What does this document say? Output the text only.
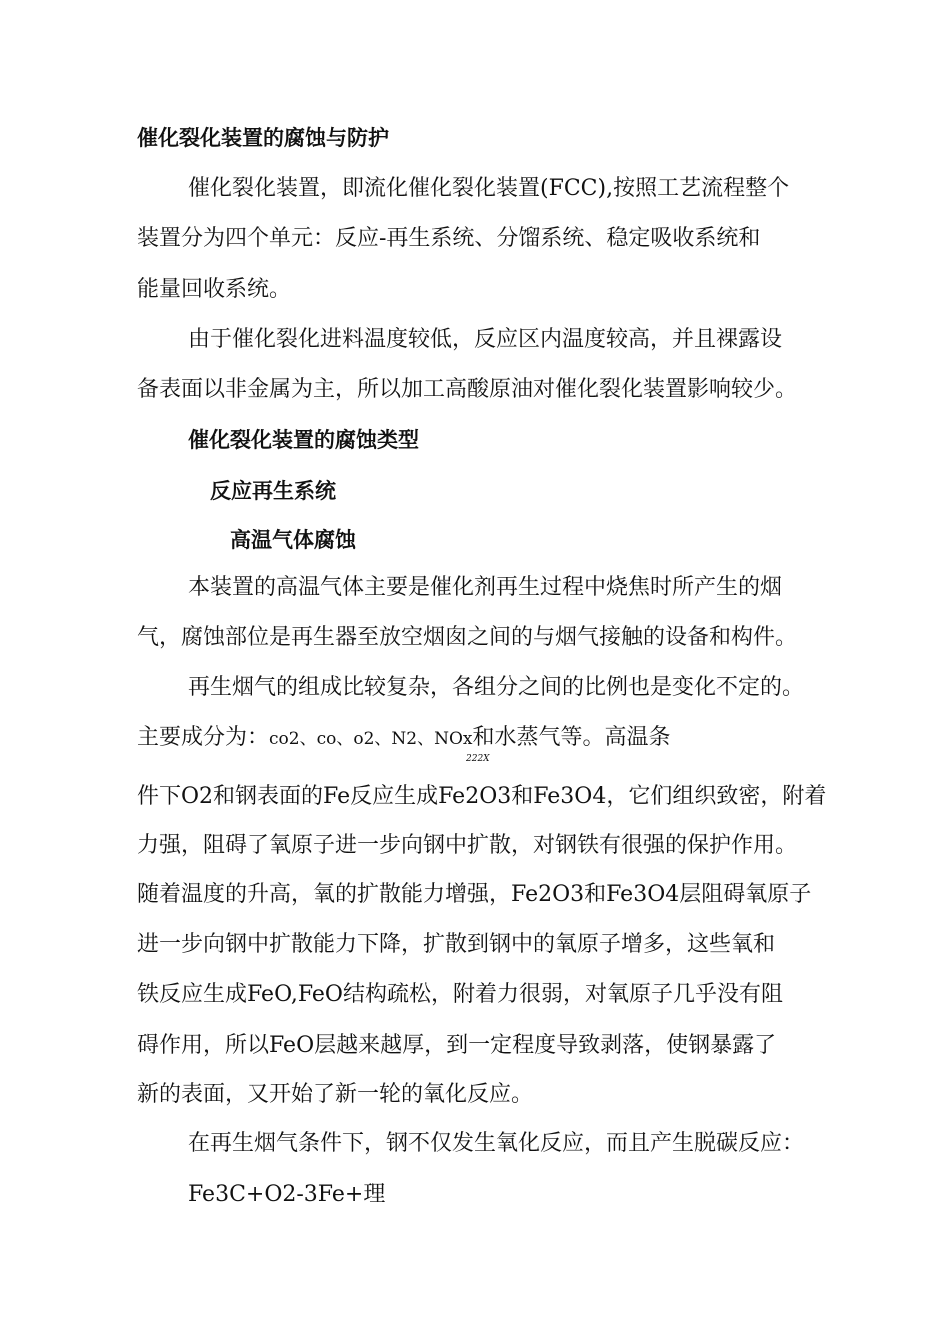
催化裂化装置的腐蚀与防护
催化裂化装置，即流化催化裂化装置(FCC),按照工艺流程整个
装置分为四个单元：反应-再生系统、分馏系统、稳定吸收系统和
能量回收系统。
由于催化裂化进料温度较低，反应区内温度较高，并且裸露设
备表面以非金属为主，所以加工高酸原油对催化裂化装置影响较少。
催化裂化装置的腐蚀类型
反应再生系统
高温气体腐蚀
本装置的高温气体主要是催化剂再生过程中烧焦时所产生的烟
气，腐蚀部位是再生器至放空烟囱之间的与烟气接触的设备和构件。
再生烟气的组成比较复杂，各组分之间的比例也是变化不定的。
主要成分为：co2、co、o2、N2、NOx和水蒸气等。高温条
222X
件下O2和钢表面的Fe反应生成Fe2O3和Fe3O4，它们组织致密，附着
力强，阻碍了氧原子进一步向钢中扩散，对钢铁有很强的保护作用。
随着温度的升高，氧的扩散能力增强，Fe2O3和Fe3O4层阻碍氧原子
进一步向钢中扩散能力下降，扩散到钢中的氧原子增多，这些氧和
铁反应生成FeO,FeO结构疏松，附着力很弱，对氧原子几乎没有阻
碍作用，所以FeO层越来越厚，到一定程度导致剥落，使钢暴露了
新的表面，又开始了新一轮的氧化反应。
在再生烟气条件下，钢不仅发生氧化反应，而且产生脱碳反应：
Fe3C+O2-3Fe+理
